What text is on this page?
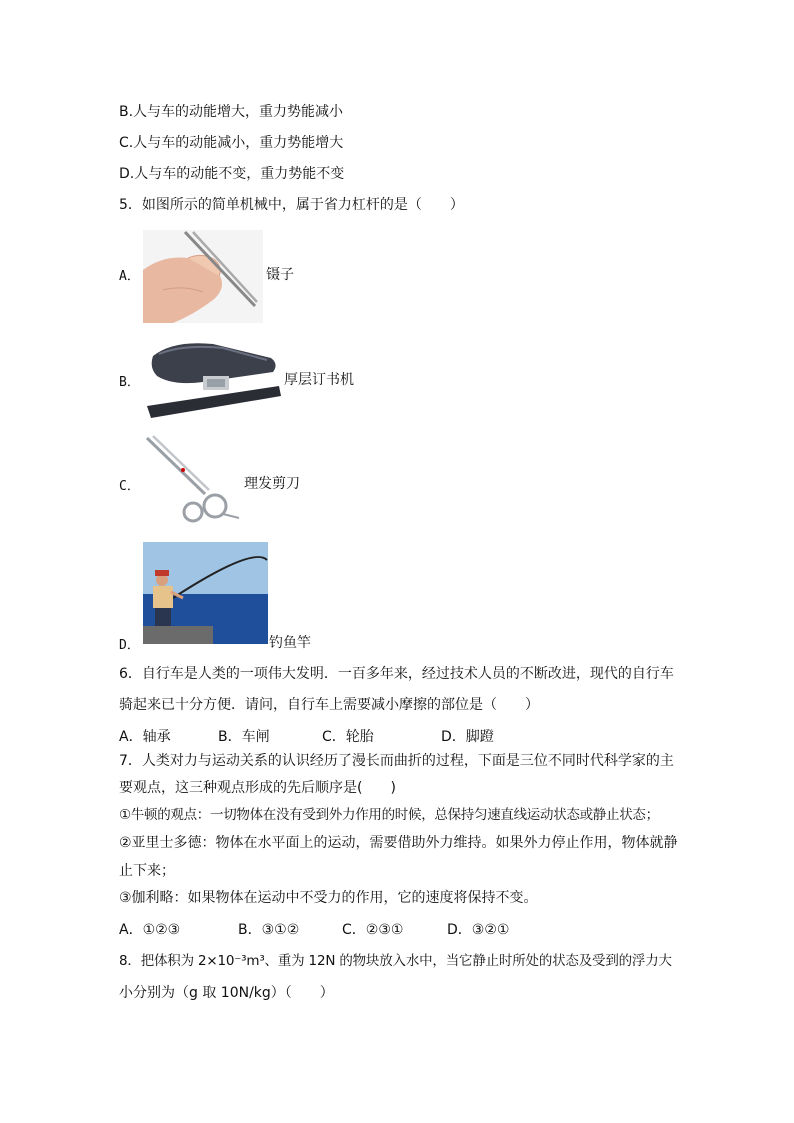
B.人与车的动能增大，重力势能减小
C.人与车的动能减小，重力势能增大
D.人与车的动能不变，重力势能不变
5．如图所示的简单机械中，属于省力杠杆的是（　　）
A．	镊子
B．	厚层订书机
C．	理发剪刀
D．	钓鱼竿
6．自行车是人类的一项伟大发明．一百多年来，经过技术人员的不断改进，现代的自行车
骑起来已十分方便．请问，自行车上需要减小摩擦的部位是（　　）
A．轴承	B．车闸	C．轮胎	D．脚蹬
7．人类对力与运动关系的认识经历了漫长而曲折的过程，下面是三位不同时代科学家的主
要观点，这三种观点形成的先后顺序是(　　)
①牛顿的观点：一切物体在没有受到外力作用的时候，总保持匀速直线运动状态或静止状态；
②亚里士多德：物体在水平面上的运动，需要借助外力维持。如果外力停止作用，物体就静
止下来；
③伽利略：如果物体在运动中不受力的作用，它的速度将保持不变。
A．①②③	B．③①②	C．②③①	D．③②①
8．把体积为 2×10⁻³m³、重为 12N 的物块放入水中，当它静止时所处的状态及受到的浮力大
小分别为（g 取 10N/kg）（　　）
